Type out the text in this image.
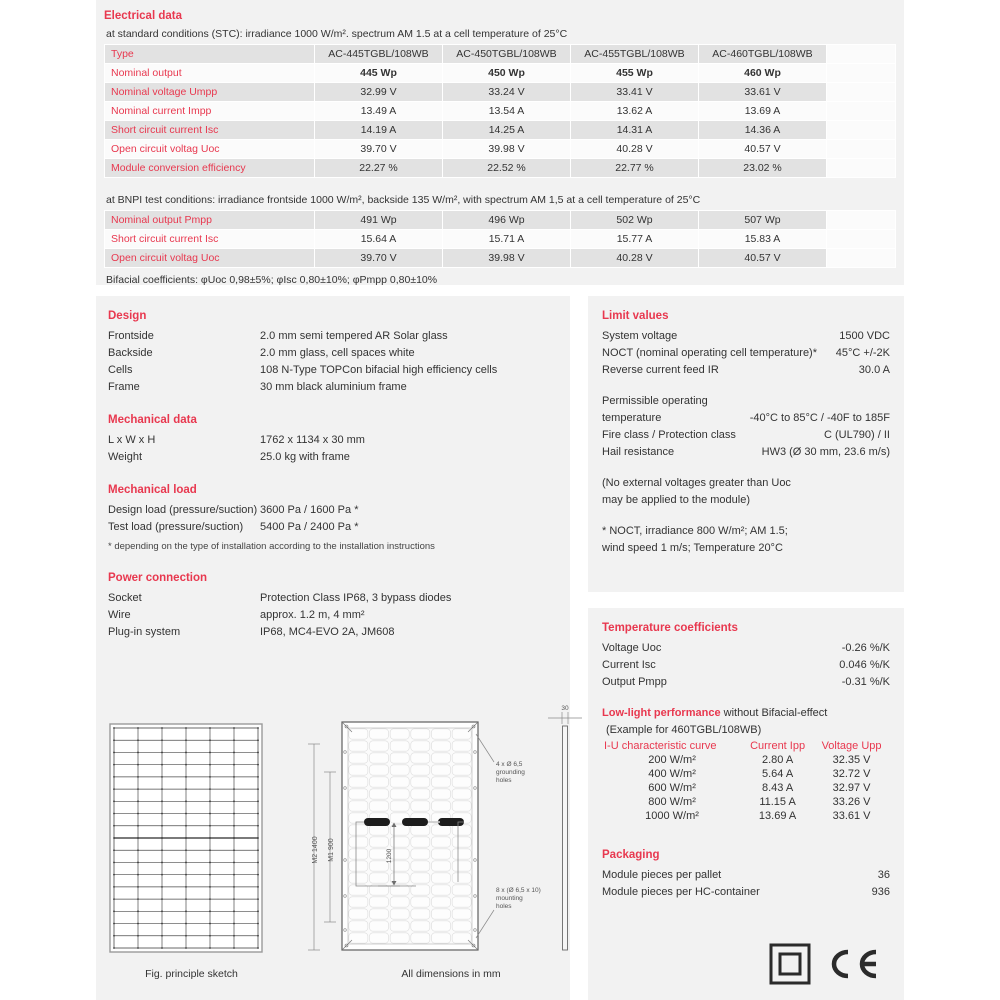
Electrical data
at standard conditions (STC): irradiance 1000 W/m². spectrum AM 1.5 at a cell temperature of 25°C
Type	AC-445TGBL/108WB	AC-450TGBL/108WB	AC-455TGBL/108WB	AC-460TGBL/108WB	
Nominal output	445 Wp	450 Wp	455 Wp	460 Wp	
Nominal voltage Umpp	32.99 V	33.24 V	33.41 V	33.61 V	
Nominal current Impp	13.49 A	13.54 A	13.62 A	13.69 A	
Short circuit current Isc	14.19 A	14.25 A	14.31 A	14.36 A	
Open circuit voltag Uoc	39.70 V	39.98 V	40.28 V	40.57 V	
Module conversion efficiency	22.27 %	22.52 %	22.77 %	23.02 %	
at BNPI test conditions: irradiance frontside 1000 W/m², backside 135 W/m², with spectrum AM 1,5 at a cell temperature of 25°C
Nominal output Pmpp	491 Wp	496 Wp	502 Wp	507 Wp	
Short circuit current Isc	15.64 A	15.71 A	15.77 A	15.83 A	
Open circuit voltag Uoc	39.70 V	39.98 V	40.28 V	40.57 V	
Bifacial coefficients: φUoc 0,98±5%; φIsc 0,80±10%; φPmpp 0,80±10%
Design
Frontside	2.0 mm semi tempered AR Solar glass
Backside	2.0 mm glass, cell spaces white
Cells	108 N-Type TOPCon bifacial high efficiency cells
Frame	30 mm black aluminium frame
Mechanical data
L x W x H	1762 x 1134 x 30 mm
Weight	25.0 kg with frame
Mechanical load
Design load (pressure/suction) 3600 Pa / 1600 Pa *
Test load (pressure/suction)	5400 Pa / 2400 Pa *
* depending on the type of installation according to the installation instructions
Power connection
Socket	Protection Class IP68, 3 bypass diodes
Wire	approx. 1.2 m, 4 mm²
Plug-in system	IP68, MC4-EVO 2A, JM608
Fig. principle sketch
M2 1400 M1 900	1200
4 x Ø 6,5
grounding
holes
8 x (Ø 6,5 x 10)
mounting
holes
30
All dimensions in mm
Limit values
System voltage	1500 VDC
NOCT (nominal operating cell temperature)* 45°C +/-2K
Reverse current feed IR	30.0 A
Permissible operating
temperature	-40°C to 85°C / -40F to 185F
Fire class / Protection class	C (UL790) / II
Hail resistance	HW3 (Ø 30 mm, 23.6 m/s)
(No external voltages greater than Uoc
may be applied to the module)
* NOCT, irradiance 800 W/m²; AM 1.5;
wind speed 1 m/s; Temperature 20°C
Temperature coefficients
Voltage Uoc	-0.26 %/K
Current Isc	0.046 %/K
Output Pmpp	-0.31 %/K
Low-light performance without Bifacial-effect
(Example for 460TGBL/108WB)
I-U characteristic curve	Current Ipp	Voltage Upp
200 W/m²	2.80 A	32.35 V
400 W/m²	5.64 A	32.72 V
600 W/m²	8.43 A	32.97 V
800 W/m²	11.15 A	33.26 V
1000 W/m²	13.69 A	33.61 V
Packaging
Module pieces per pallet	36
Module pieces per HC-container	936
